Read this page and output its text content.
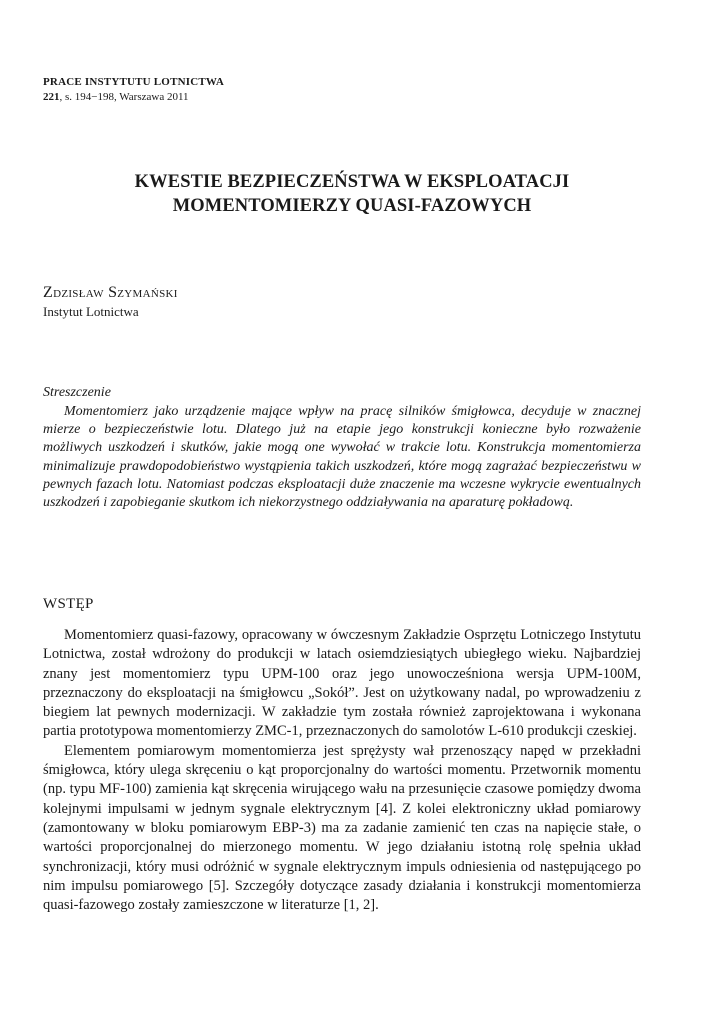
PRACE INSTYTUTU LOTNICTWA
221, s. 194−198, Warszawa 2011
KWESTIE BEZPIECZEŃSTWA W EKSPLOATACJI
MOMENTOMIERZY QUASI-FAZOWYCH
Zdzisław Szymański
Instytut Lotnictwa
Streszczenie

Momentomierz jako urządzenie mające wpływ na pracę silników śmigłowca, decyduje w znacznej mierze o bezpieczeństwie lotu. Dlatego już na etapie jego konstrukcji konieczne było rozważenie możliwych uszkodzeń i skutków, jakie mogą one wywołać w trakcie lotu. Konstrukcja momentomierza minimalizuje prawdopodobieństwo wystąpienia takich uszkodzeń, które mogą zagrażać bezpieczeństwu w pewnych fazach lotu. Natomiast podczas eksploatacji duże znaczenie ma wczesne wykrycie ewentualnych uszkodzeń i zapobieganie skutkom ich niekorzystnego oddziaływania na aparaturę pokładową.

WSTĘP

Momentomierz quasi-fazowy, opracowany w ówczesnym Zakładzie Osprzętu Lotniczego Instytutu Lotnictwa, został wdrożony do produkcji w latach osiemdziesiątych ubiegłego wieku. Najbardziej znany jest momentomierz typu UPM-100 oraz jego unowocześniona wersja UPM-100M, przeznaczony do eksploatacji na śmigłowcu „Sokół”. Jest on użytkowany nadal, po wprowadzeniu z biegiem lat pewnych modernizacji. W zakładzie tym została również zaprojektowana i wykonana partia prototypowa momentomierzy ZMC-1, przeznaczonych do samolotów L-610 produkcji czeskiej.

Elementem pomiarowym momentomierza jest sprężysty wał przenoszący napęd w przekładni śmigłowca, który ulega skręceniu o kąt proporcjonalny do wartości momentu. Przetwornik momentu (np. typu MF-100) zamienia kąt skręcenia wirującego wału na przesunięcie czasowe pomiędzy dwoma kolejnymi impulsami w jednym sygnale elektrycznym [4]. Z kolei elektroniczny układ pomiarowy (zamontowany w bloku pomiarowym EBP-3) ma za zadanie zamienić ten czas na napięcie stałe, o wartości proporcjonalnej do mierzonego momentu. W jego działaniu istotną rolę spełnia układ synchronizacji, który musi odróżnić w sygnale elektrycznym impuls odniesienia od następującego po nim impulsu pomiarowego [5]. Szczegóły dotyczące zasady działania i konstrukcji momentomierza quasi-fazowego zostały zamieszczone w literaturze [1, 2].
